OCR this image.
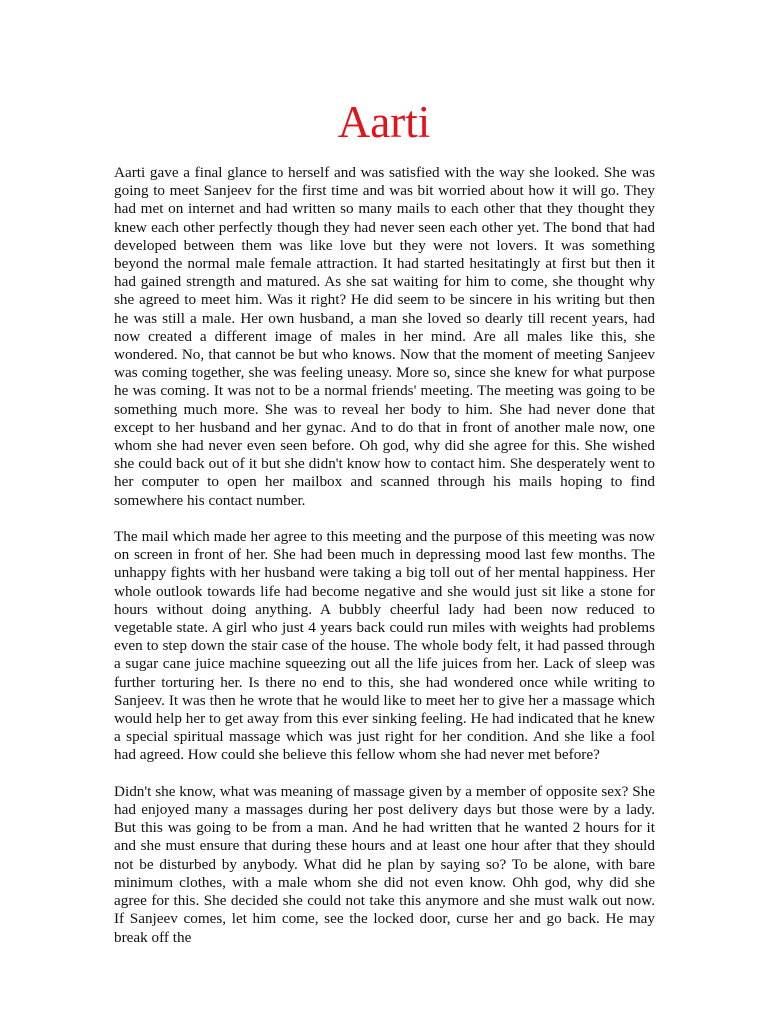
Aarti

Aarti gave a final glance to herself and was satisfied with the way she looked. She was going to meet Sanjeev for the first time and was bit worried about how it will go. They had met on internet and had written so many mails to each other that they thought they knew each other perfectly though they had never seen each other yet. The bond that had developed between them was like love but they were not lovers. It was something beyond the normal male female attraction. It had started hesitatingly at first but then it had gained strength and matured. As she sat waiting for him to come, she thought why she agreed to meet him. Was it right? He did seem to be sincere in his writing but then he was still a male. Her own husband, a man she loved so dearly till recent years, had now created a different image of males in her mind. Are all males like this, she wondered. No, that cannot be but who knows. Now that the moment of meeting Sanjeev was coming together, she was feeling uneasy. More so, since she knew for what purpose he was coming. It was not to be a normal friends' meeting. The meeting was going to be something much more. She was to reveal her body to him. She had never done that except to her husband and her gynac. And to do that in front of another male now, one whom she had never even seen before. Oh god, why did she agree for this. She wished she could back out of it but she didn't know how to contact him. She desperately went to her computer to open her mailbox and scanned through his mails hoping to find somewhere his contact number.

The mail which made her agree to this meeting and the purpose of this meeting was now on screen in front of her. She had been much in depressing mood last few months. The unhappy fights with her husband were taking a big toll out of her mental happiness. Her whole outlook towards life had become negative and she would just sit like a stone for hours without doing anything. A bubbly cheerful lady had been now reduced to vegetable state. A girl who just 4 years back could run miles with weights had problems even to step down the stair case of the house. The whole body felt, it had passed through a sugar cane juice machine squeezing out all the life juices from her. Lack of sleep was further torturing her. Is there no end to this, she had wondered once while writing to Sanjeev. It was then he wrote that he would like to meet her to give her a massage which would help her to get away from this ever sinking feeling. He had indicated that he knew a special spiritual massage which was just right for her condition. And she like a fool had agreed. How could she believe this fellow whom she had never met before?

Didn't she know, what was meaning of massage given by a member of opposite sex? She had enjoyed many a massages during her post delivery days but those were by a lady. But this was going to be from a man. And he had written that he wanted 2 hours for it and she must ensure that during these hours and at least one hour after that they should not be disturbed by anybody. What did he plan by saying so? To be alone, with bare minimum clothes, with a male whom she did not even know. Ohh god, why did she agree for this. She decided she could not take this anymore and she must walk out now. If Sanjeev comes, let him come, see the locked door, curse her and go back. He may break off the
